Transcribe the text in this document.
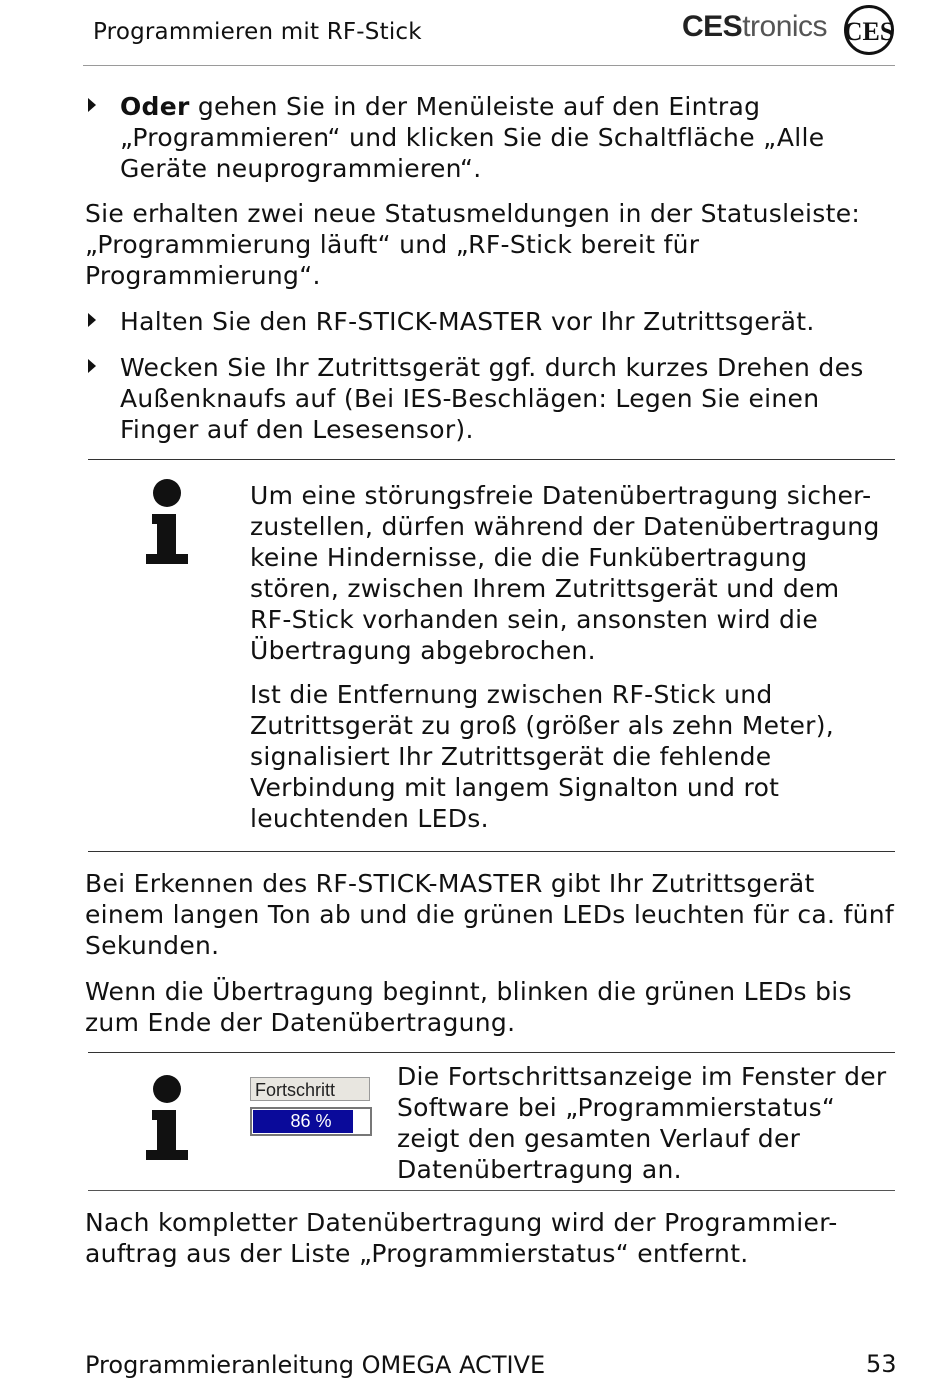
Programmieren mit RF-Stick	CEStronics CES
Oder gehen Sie in der Menüleiste auf den Eintrag
„Programmieren“ und klicken Sie die Schaltfläche „Alle
Geräte neuprogrammieren“.
Sie erhalten zwei neue Statusmeldungen in der Statusleiste:
„Programmierung läuft“ und „RF-Stick bereit für
Programmierung“.
Halten Sie den RF-STICK-MASTER vor Ihr Zutrittsgerät.
Wecken Sie Ihr Zutrittsgerät ggf. durch kurzes Drehen des
Außenknaufs auf (Bei IES-Beschlägen: Legen Sie einen
Finger auf den Lesesensor).
Um eine störungsfreie Datenübertragung sicher-
zustellen, dürfen während der Datenübertragung
keine Hindernisse, die die Funkübertragung
stören, zwischen Ihrem Zutrittsgerät und dem
RF-Stick vorhanden sein, ansonsten wird die
Übertragung abgebrochen.
Ist die Entfernung zwischen RF-Stick und
Zutrittsgerät zu groß (größer als zehn Meter),
signalisiert Ihr Zutrittsgerät die fehlende
Verbindung mit langem Signalton und rot
leuchtenden LEDs.
Bei Erkennen des RF-STICK-MASTER gibt Ihr Zutrittsgerät
einem langen Ton ab und die grünen LEDs leuchten für ca. fünf
Sekunden.
Wenn die Übertragung beginnt, blinken die grünen LEDs bis
zum Ende der Datenübertragung.
Fortschritt
86 %
Die Fortschrittsanzeige im Fenster der
Software bei „Programmierstatus“
zeigt den gesamten Verlauf der
Datenübertragung an.
Nach kompletter Datenübertragung wird der Programmier-
auftrag aus der Liste „Programmierstatus“ entfernt.
Programmieranleitung OMEGA ACTIVE	53
